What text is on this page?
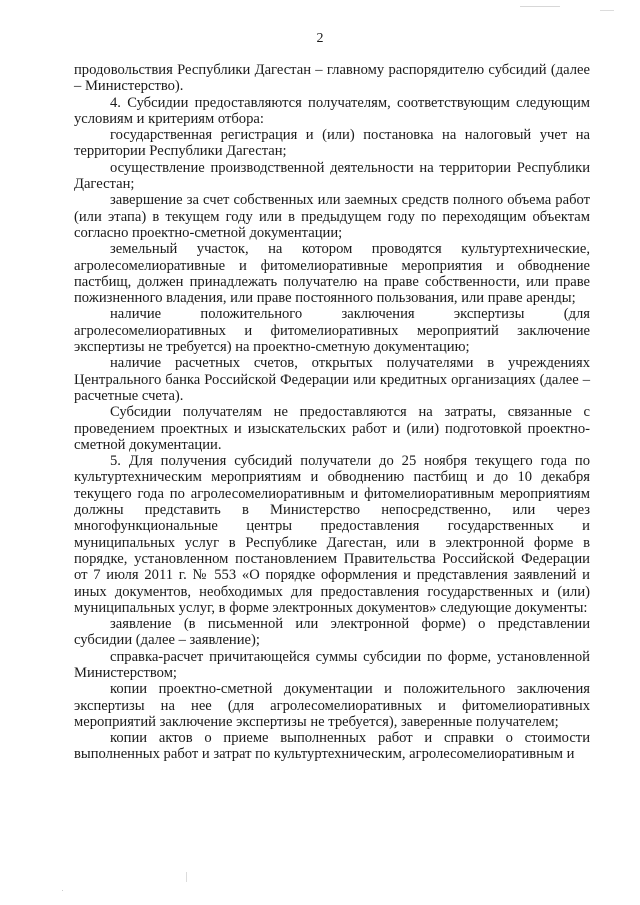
2

продовольствия Республики Дагестан – главному распорядителю субсидий (далее – Министерство).

4. Субсидии предоставляются получателям, соответствующим следующим условиям и критериям отбора:

государственная регистрация и (или) постановка на налоговый учет на территории Республики Дагестан;

осуществление производственной деятельности на территории Республики Дагестан;

завершение за счет собственных или заемных средств полного объема работ (или этапа) в текущем году или в предыдущем году по переходящим объектам согласно проектно-сметной документации;

земельный участок, на котором проводятся культуртехнические, агролесомелиоративные и фитомелиоративные мероприятия и обводнение пастбищ, должен принадлежать получателю на праве собственности, или праве пожизненного владения, или праве постоянного пользования, или праве аренды;

наличие положительного заключения экспертизы (для агролесомелиоративных и фитомелиоративных мероприятий заключение экспертизы не требуется) на проектно-сметную документацию;

наличие расчетных счетов, открытых получателями в учреждениях Центрального банка Российской Федерации или кредитных организациях (далее – расчетные счета).

Субсидии получателям не предоставляются на затраты, связанные с проведением проектных и изыскательских работ и (или) подготовкой проектно-сметной документации.

5. Для получения субсидий получатели до 25 ноября текущего года по культуртехническим мероприятиям и обводнению пастбищ и до 10 декабря текущего года по агролесомелиоративным и фитомелиоративным мероприятиям должны представить в Министерство непосредственно, или через многофункциональные центры предоставления государственных и муниципальных услуг в Республике Дагестан, или в электронной форме в порядке, установленном постановлением Правительства Российской Федерации от 7 июля 2011 г. № 553 «О порядке оформления и представления заявлений и иных документов, необходимых для предоставления государственных и (или) муниципальных услуг, в форме электронных документов» следующие документы:

заявление (в письменной или электронной форме) о представлении субсидии (далее – заявление);

справка-расчет причитающейся суммы субсидии по форме, установленной Министерством;

копии проектно-сметной документации и положительного заключения экспертизы на нее (для агролесомелиоративных и фитомелиоративных мероприятий заключение экспертизы не требуется), заверенные получателем;

копии актов о приеме выполненных работ и справки о стоимости выполненных работ и затрат по культуртехническим, агролесомелиоративным и
